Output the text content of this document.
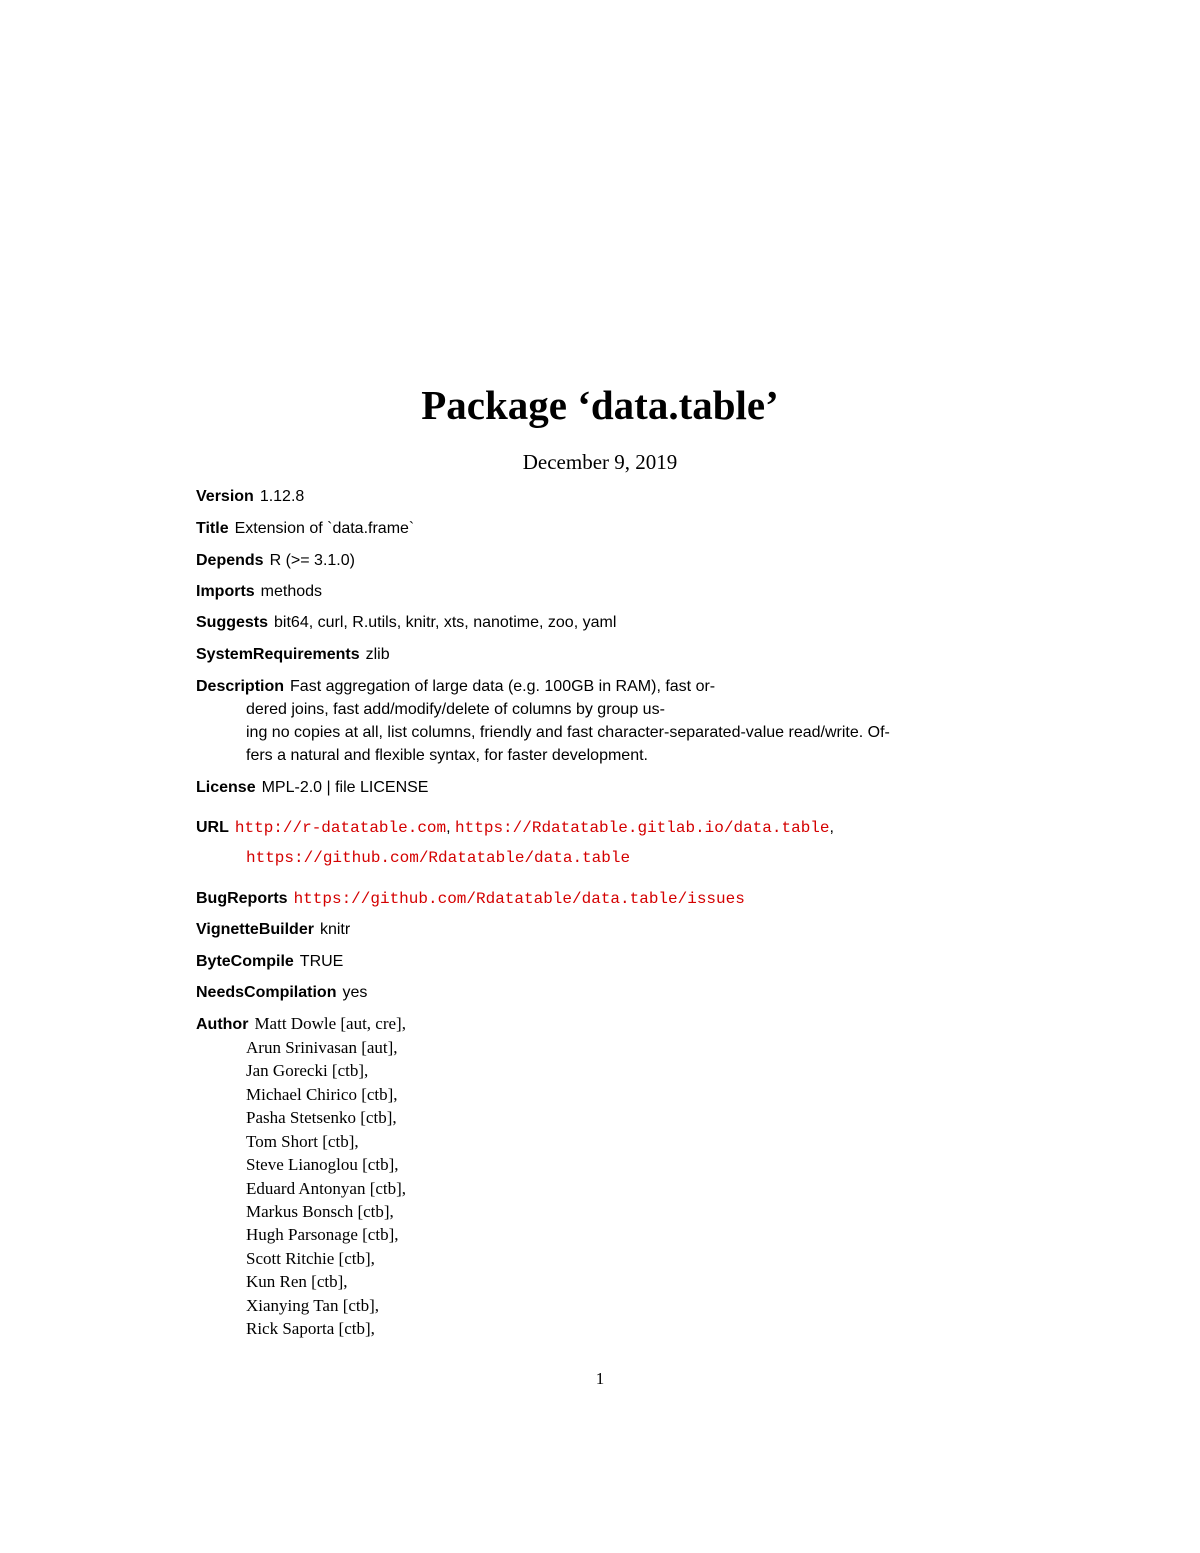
Package ‘data.table’
December 9, 2019
Version 1.12.8
Title Extension of `data.frame`
Depends R (>= 3.1.0)
Imports methods
Suggests bit64, curl, R.utils, knitr, xts, nanotime, zoo, yaml
SystemRequirements zlib
Description Fast aggregation of large data (e.g. 100GB in RAM), fast or-
dered joins, fast add/modify/delete of columns by group us-
ing no copies at all, list columns, friendly and fast character-separated-value read/write. Of-
fers a natural and flexible syntax, for faster development.
License MPL-2.0 | file LICENSE
URL http://r-datatable.com, https://Rdatatable.gitlab.io/data.table,
https://github.com/Rdatatable/data.table
BugReports https://github.com/Rdatatable/data.table/issues
VignetteBuilder knitr
ByteCompile TRUE
NeedsCompilation yes
Author Matt Dowle [aut, cre],
Arun Srinivasan [aut],
Jan Gorecki [ctb],
Michael Chirico [ctb],
Pasha Stetsenko [ctb],
Tom Short [ctb],
Steve Lianoglou [ctb],
Eduard Antonyan [ctb],
Markus Bonsch [ctb],
Hugh Parsonage [ctb],
Scott Ritchie [ctb],
Kun Ren [ctb],
Xianying Tan [ctb],
Rick Saporta [ctb],
1
